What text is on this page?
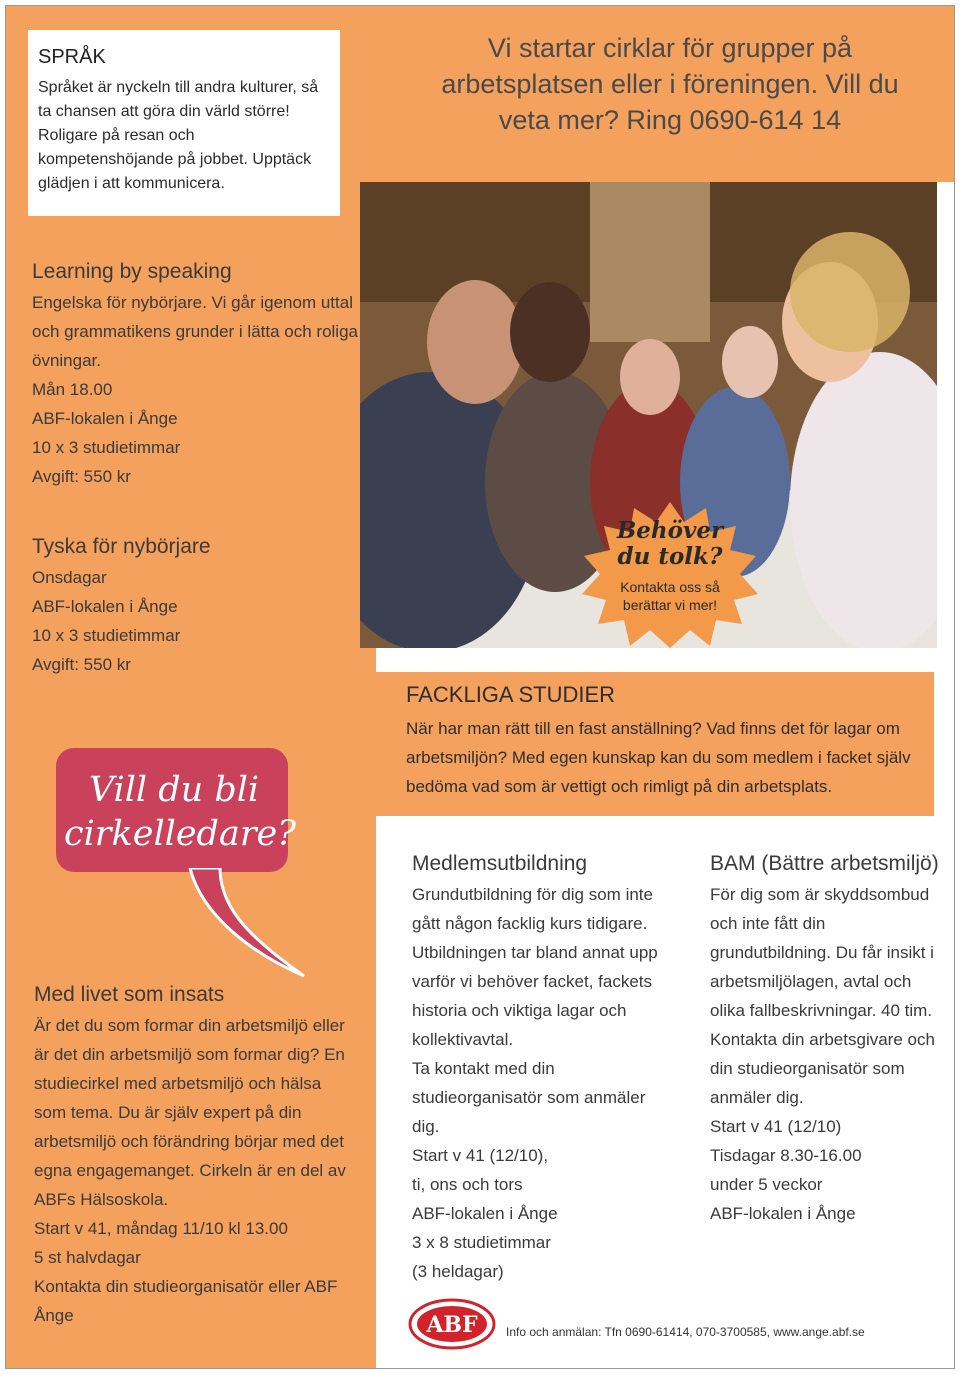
SPRÅK
Språket är nyckeln till andra kulturer, så ta chansen att göra din värld större! Roligare på resan och kompetenshöjande på jobbet. Upptäck glädjen i att kommunicera.
Vi startar cirklar för grupper på arbetsplatsen eller i föreningen. Vill du veta mer? Ring 0690-614 14
Learning by speaking
Engelska för nybörjare. Vi går igenom uttal och grammatikens grunder i lätta och roliga övningar.
Mån 18.00
ABF-lokalen i Ånge
10 x 3 studietimmar
Avgift: 550 kr
Tyska för nybörjare
Onsdagar
ABF-lokalen i Ånge
10 x 3 studietimmar
Avgift: 550 kr
Vill du bli cirkelledare?
Med livet som insats
Är det du som formar din arbetsmiljö eller är det din arbetsmiljö som formar dig? En studiecirkel med arbetsmiljö och hälsa som tema. Du är själv expert på din arbetsmiljö och förändring börjar med det egna engagemanget. Cirkeln är en del av ABFs Hälsoskola.
Start v 41, måndag 11/10 kl 13.00
5 st halvdagar
Kontakta din studieorganisatör eller ABF Ånge
Behöver du tolk?
Kontakta oss så berättar vi mer!
FACKLIGA STUDIER
När har man rätt till en fast anställning? Vad finns det för lagar om arbetsmiljön? Med egen kunskap kan du som medlem i facket själv bedöma vad som är vettigt och rimligt på din arbetsplats.
Medlemsutbildning
Grundutbildning för dig som inte gått någon facklig kurs tidigare.
Utbildningen tar bland annat upp varför vi behöver facket, fackets historia och viktiga lagar och kollektivavtal.
Ta kontakt med din studieorganisatör som anmäler dig.
Start v 41 (12/10),
ti, ons och tors
ABF-lokalen i Ånge
3 x 8 studietimmar
(3 heldagar)
BAM (Bättre arbetsmiljö)
För dig som är skyddsombud och inte fått din grundutbildning. Du får insikt i arbetsmiljölagen, avtal och olika fallbeskrivningar. 40 tim.
Kontakta din arbetsgivare och din studieorganisatör som anmäler dig.
Start v 41 (12/10)
Tisdagar 8.30-16.00
under 5 veckor
ABF-lokalen i Ånge
ABF Info och anmälan: Tfn 0690-61414, 070-3700585, www.ange.abf.se
